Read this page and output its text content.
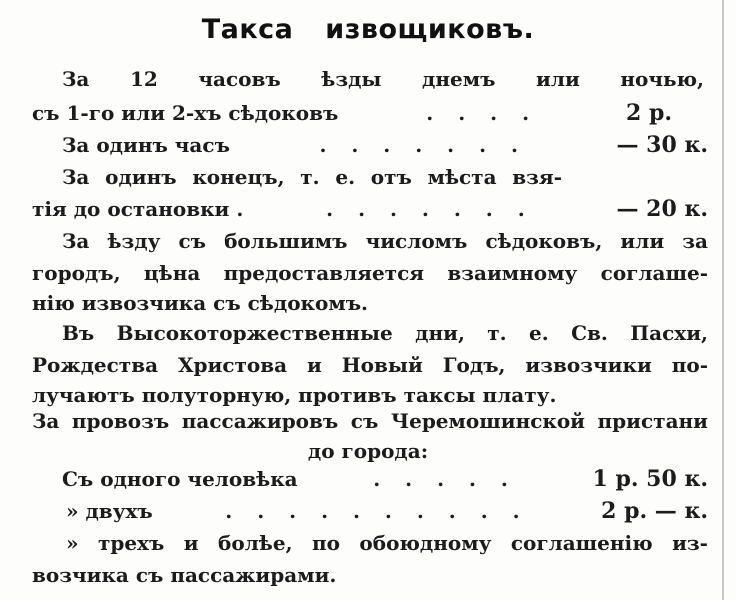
Такса извощиковъ.
За 12 часовъ ѣзды днемъ или ночью,
съ 1-го или 2-хъ сѣдоковъ	. . . .	2 р.
За одинъ часъ	. . . . . . .	— 30 к.
За одинъ конецъ, т. е. отъ мѣста взя-
тія до остановки .	. . . . . . .	— 20 к.
За ѣзду съ большимъ числомъ сѣдоковъ, или за
городъ, цѣна предоставляется взаимному соглаше-
нію извозчика съ сѣдокомъ.
Въ Высокоторжественные дни, т. е. Св. Пасхи,
Рождества Христова и Новый Годъ, извозчики по-
лучаютъ полуторную, противъ таксы плату.
За провозъ пассажировъ съ Черемошинской пристани
до города:
Съ одного человѣка	. . . . .	1 р. 50 к.
» двухъ	. . . . . . . . . .	2 р. — к.
» трехъ и болѣе, по обоюдному соглашенію из-
возчика съ пассажирами.
